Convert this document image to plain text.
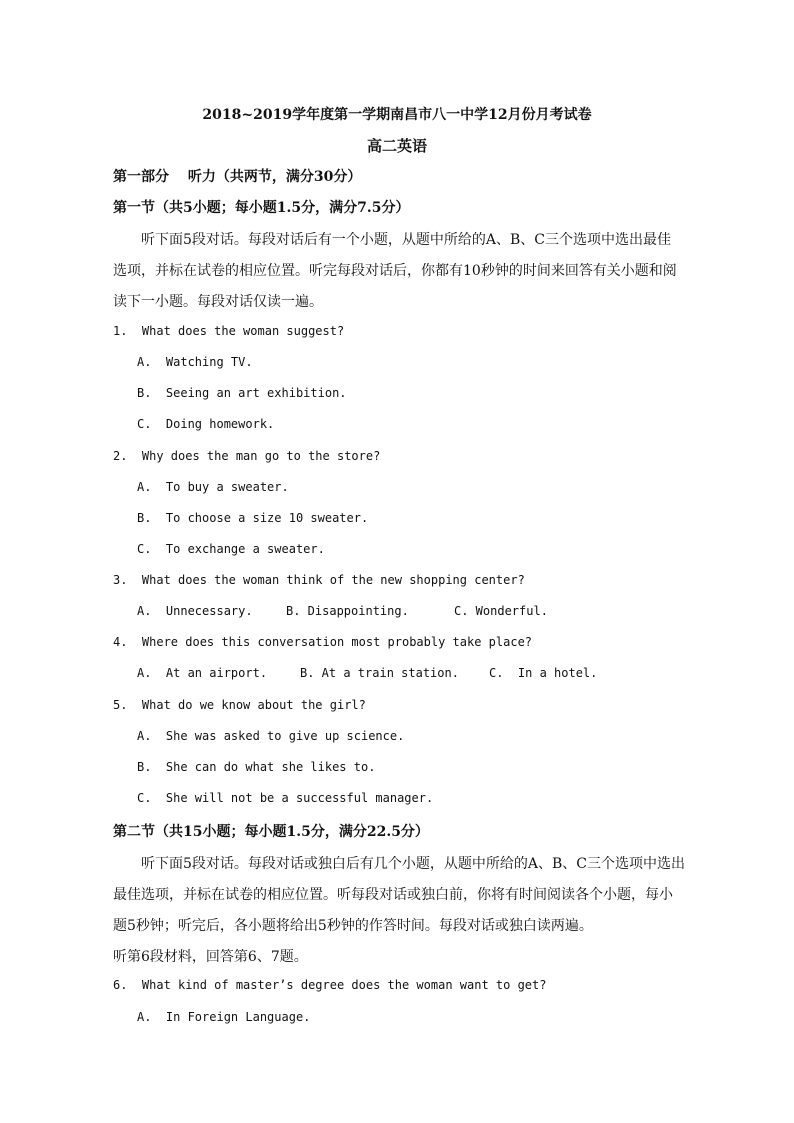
2018~2019学年度第一学期南昌市八一中学12月份月考试卷
高二英语
第一部分　 听力（共两节，满分30分）
第一节（共5小题；每小题1.5分，满分7.5分）
听下面5段对话。每段对话后有一个小题，从题中所给的A、B、C三个选项中选出最佳
选项，并标在试卷的相应位置。听完每段对话后，你都有10秒钟的时间来回答有关小题和阅
读下一小题。每段对话仅读一遍。
1.  What does the woman suggest?
A.  Watching TV.
B.  Seeing an art exhibition.
C.  Doing homework.
2.  Why does the man go to the store?
A.  To buy a sweater.
B.  To choose a size 10 sweater.
C.  To exchange a sweater.
3.  What does the woman think of the new shopping center?
A.  Unnecessary.	B. Disappointing.	C. Wonderful.
4.  Where does this conversation most probably take place?
A.  At an airport.	B. At a train station.	C.  In a hotel.
5.  What do we know about the girl?
A.  She was asked to give up science.
B.  She can do what she likes to.
C.  She will not be a successful manager.
第二节（共15小题；每小题1.5分，满分22.5分）
听下面5段对话。每段对话或独白后有几个小题，从题中所给的A、B、C三个选项中选出
最佳选项，并标在试卷的相应位置。听每段对话或独白前，你将有时间阅读各个小题，每小
题5秒钟；听完后，各小题将给出5秒钟的作答时间。每段对话或独白读两遍。
听第6段材料，回答第6、7题。
6.  What kind of master’s degree does the woman want to get?
A.  In Foreign Language.
